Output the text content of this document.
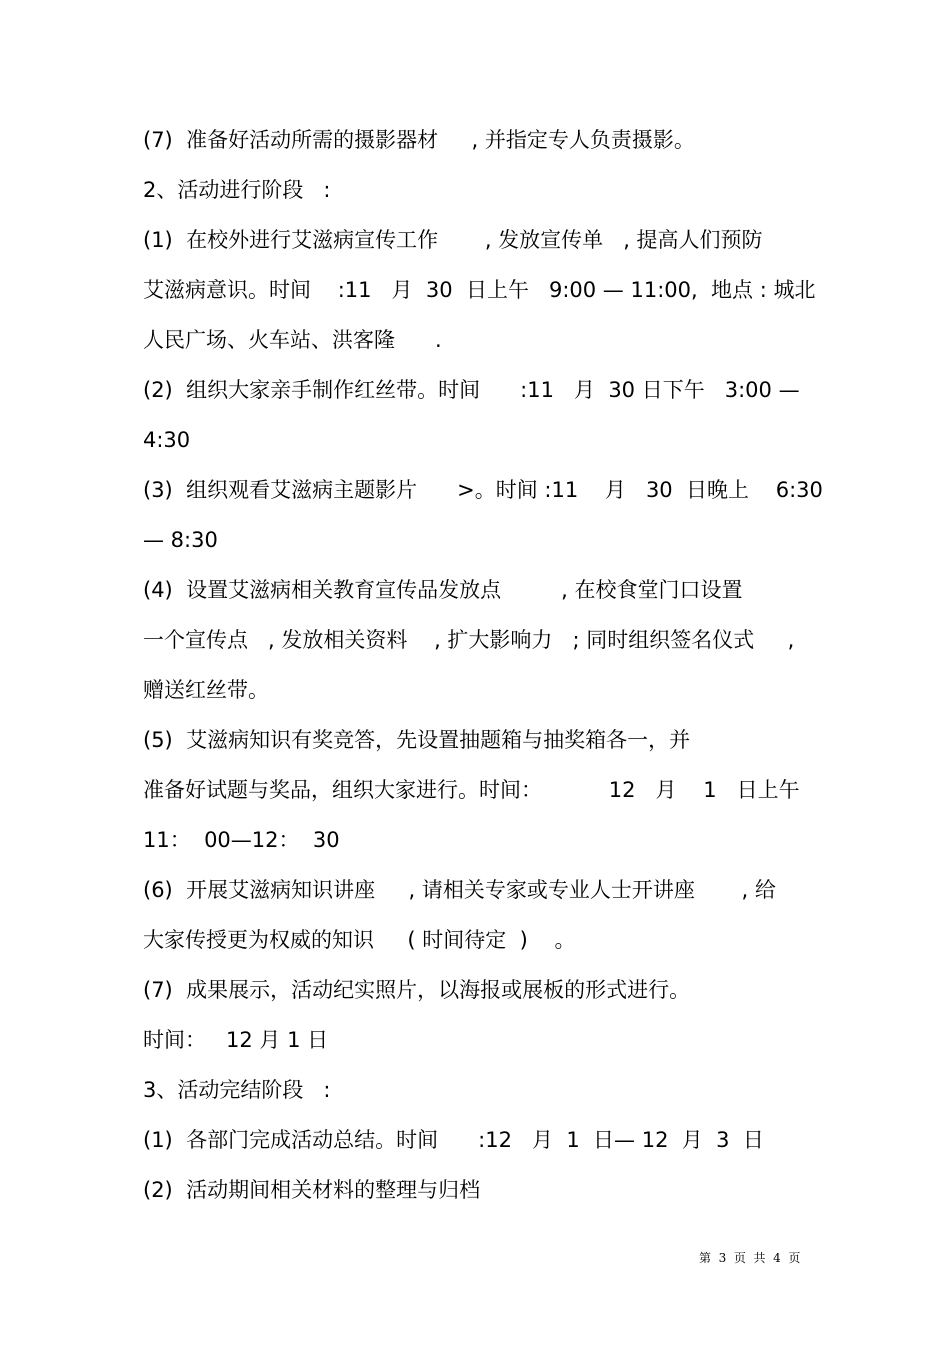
(7)  准备好活动所需的摄影器材     , 并指定专人负责摄影。

2、活动进行阶段   :

(1)  在校外进行艾滋病宣传工作       , 发放宣传单   , 提高人们预防

艾滋病意识。时间    :11   月  30  日上午   9:00 — 11:00,  地点 : 城北

人民广场、火车站、洪客隆      .

(2)  组织大家亲手制作红丝带。时间      :11   月  30 日下午   3:00 —

4:30

(3)  组织观看艾滋病主题影片      >。时间 :11    月   30  日晚上    6:30

— 8:30

(4)  设置艾滋病相关教育宣传品发放点         , 在校食堂门口设置

一个宣传点   , 发放相关资料    , 扩大影响力   ; 同时组织签名仪式     ,

赠送红丝带。

(5)  艾滋病知识有奖竞答，先设置抽题箱与抽奖箱各一，并

准备好试题与奖品，组织大家进行。时间：          12   月    1   日上午

11：  00—12：  30

(6)  开展艾滋病知识讲座     , 请相关专家或专业人士开讲座       , 给

大家传授更为权威的知识     ( 时间待定  )    。

(7)  成果展示，活动纪实照片，以海报或展板的形式进行。

时间：   12 月 1 日

3、活动完结阶段   :

(1)  各部门完成活动总结。时间      :12   月  1  日— 12  月  3  日

(2)  活动期间相关材料的整理与归档

第  3  页  共  4  页
